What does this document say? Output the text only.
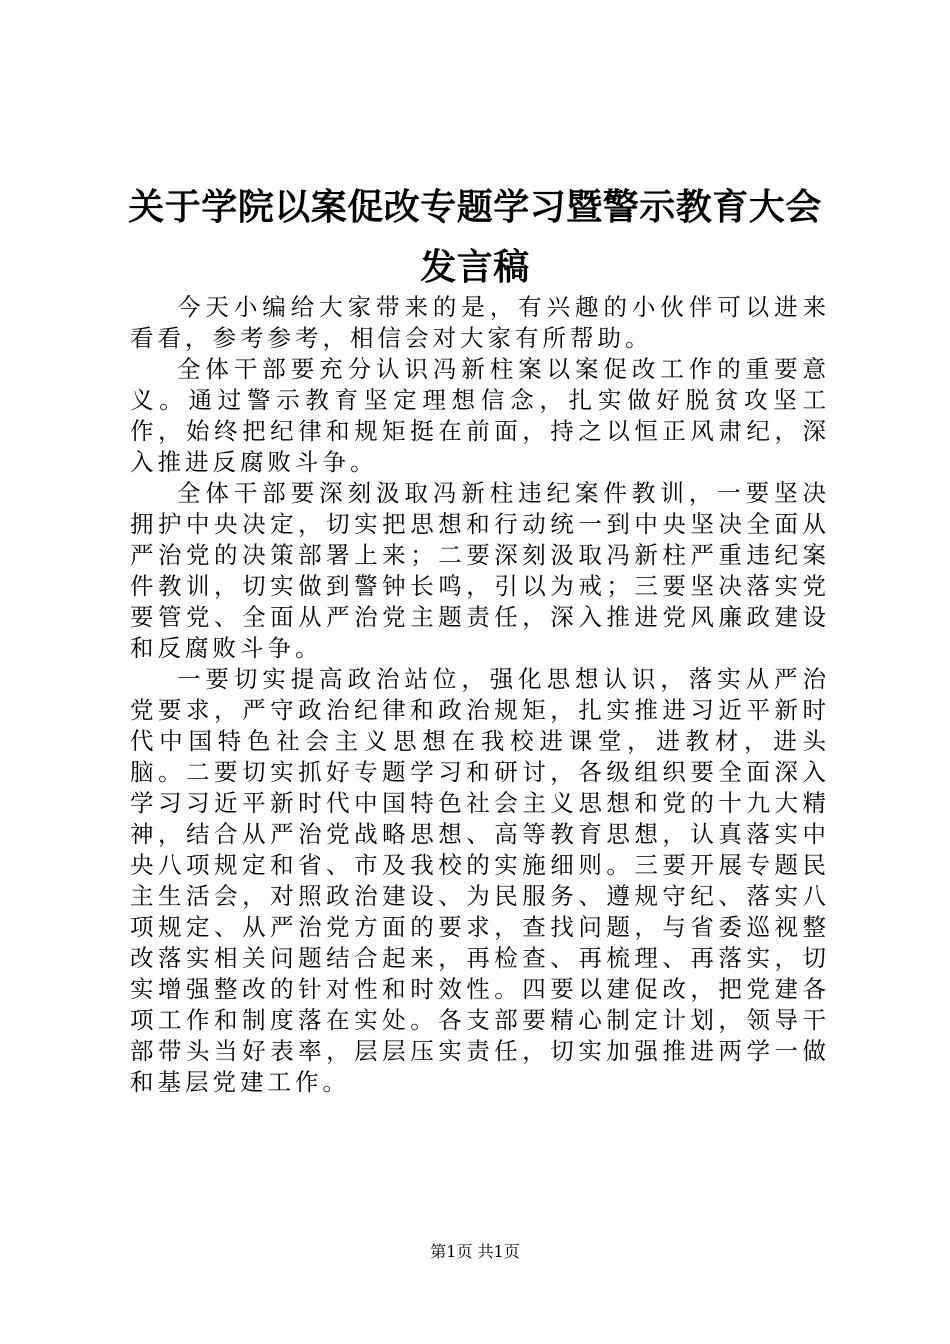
关于学院以案促改专题学习暨警示教育大会发言稿

今天小编给大家带来的是，有兴趣的小伙伴可以进来看看，参考参考，相信会对大家有所帮助。

全体干部要充分认识冯新柱案以案促改工作的重要意义。通过警示教育坚定理想信念，扎实做好脱贫攻坚工作，始终把纪律和规矩挺在前面，持之以恒正风肃纪，深入推进反腐败斗争。

全体干部要深刻汲取冯新柱违纪案件教训，一要坚决拥护中央决定，切实把思想和行动统一到中央坚决全面从严治党的决策部署上来；二要深刻汲取冯新柱严重违纪案件教训，切实做到警钟长鸣，引以为戒；三要坚决落实党要管党、全面从严治党主题责任，深入推进党风廉政建设和反腐败斗争。

一要切实提高政治站位，强化思想认识，落实从严治党要求，严守政治纪律和政治规矩，扎实推进习近平新时代中国特色社会主义思想在我校进课堂，进教材，进头脑。二要切实抓好专题学习和研讨，各级组织要全面深入学习习近平新时代中国特色社会主义思想和党的十九大精神，结合从严治党战略思想、高等教育思想，认真落实中央八项规定和省、市及我校的实施细则。三要开展专题民主生活会，对照政治建设、为民服务、遵规守纪、落实八项规定、从严治党方面的要求，查找问题，与省委巡视整改落实相关问题结合起来，再检查、再梳理、再落实，切实增强整改的针对性和时效性。四要以建促改，把党建各项工作和制度落在实处。各支部要精心制定计划，领导干部带头当好表率，层层压实责任，切实加强推进两学一做和基层党建工作。

第1页 共1页
